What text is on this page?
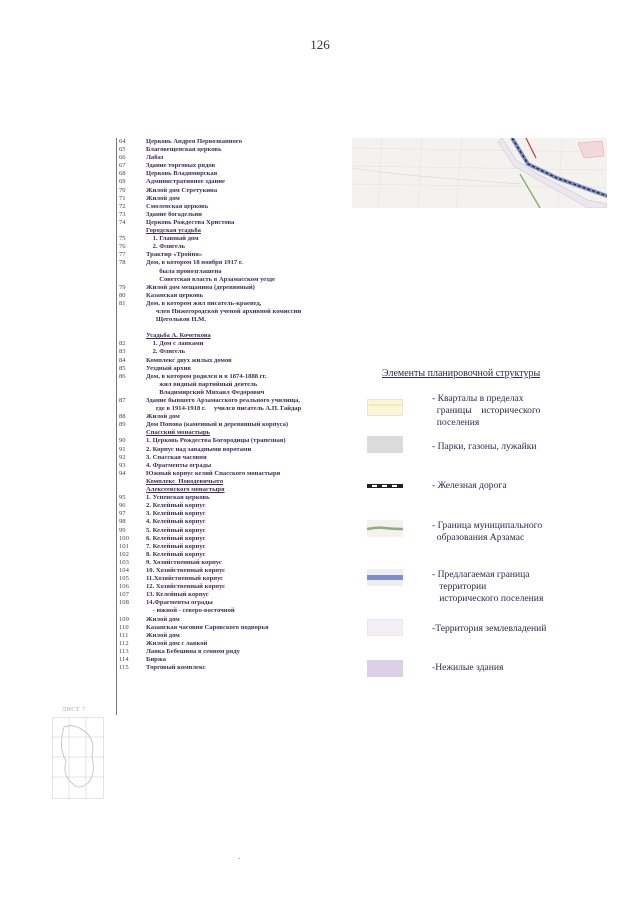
126
64	Церковь Андрея Первозванного
65	Благовещенская церковь
66	Лабаз
67	Здание торговых рядов
68	Церковь Владимирская
69	Административное здание
70	Жилой дом Стретукина
71	Жилой дом
72	Смоленская церковь
73	Здание богадельни
74	Церковь Рождества Христова
Городская усадьба
75	1. Главный дом
76	2. Флигель
77	Трактир «Тройня»
78	Дом, в котором 18 ноября 1917 г.
была провозглашена
Советская власть в Арзамасском уезде
79	Жилой дом мещанина (деревянный)
80	Казанская церковь
81	Дом, в котором жил писатель-краевед,
член Нижегородской ученой архивной комиссии
Щегольков Н.М.
Усадьба А. Кочеткова
82	1. Дом с лавками
83	2. Флигель
84	Комплекс двух жилых домов
85	Уездный архив
86	Дом, в котором родился и в 1874-1888 гг.
жил видный партийный деятель
Владимирский Михаил Федорович
87	Здание бывшего Арзамасского реального училища,
где в 1914-1918 г.     учился писатель А.П. Гайдар
88	Жилой дом
89	Дом Попова (каменный и деревянный корпуса)
Спасский монастырь
90	1. Церковь Рождества Богородицы (трапезная)
91	2. Корпус над западными воротами
92	3. Спасская часовня
93	4. Фрагменты ограды
94	Южный корпус келий Спасского монастыря
Комплекс  Новодевичьего
Алексеевского монастыря
95	1. Успенская церковь
96	2. Келейный корпус
97	3. Келейный корпус
98	4. Келейный корпус
99	5. Келейный корпус
100	6. Келейный корпус
101	7. Келейный корпус
102	8. Келейный корпус
103	9. Хозяйственный корпус
104	10. Хозяйственный корпус
105	11.Хозяйственный корпус
106	12. Хозяйственный корпус
107	13. Келейный корпус
108	14.Фрагменты ограды
- южной - северо-восточной
109	Жилой дом
110	Казанская часовня Саровского подворья
111	Жилой дом
112	Жилой дом с лавкой
113	Лавка Бебешина в сенном ряду
114	Биржа
115	Торговый комплекс
Элементы планировочной структуры
- Кварталы в пределах
границы    исторического
поселения
- Парки, газоны, лужайки
- Железная дорога
- Граница муниципального
образования Арзамас
- Предлагаемая граница
территории
исторического поселения
-Территория землевладений
-Нежилые здания
ЛИСТ 7
